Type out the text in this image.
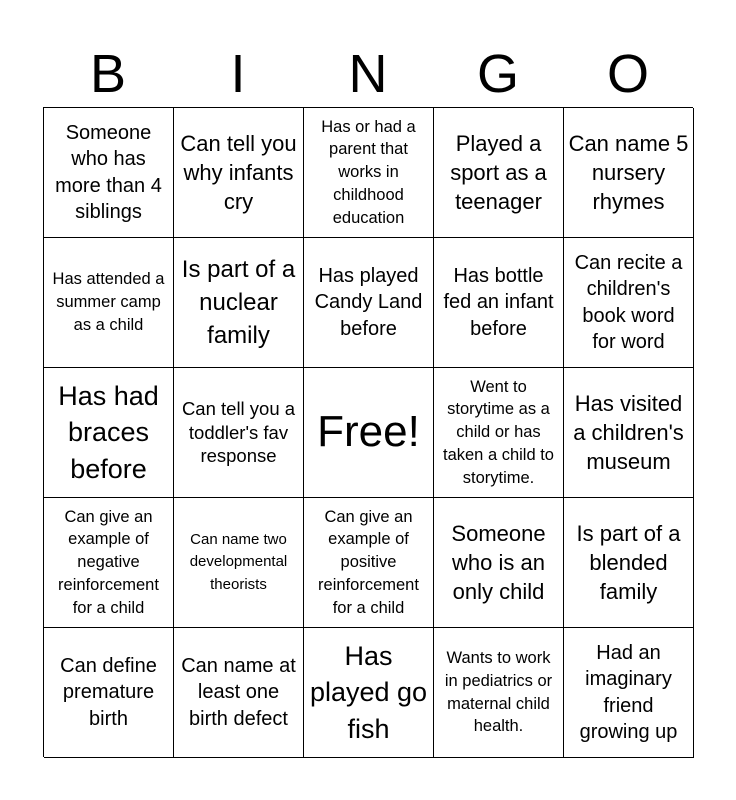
B	I	N	G	O
Someone who has more than 4 siblings
Can tell you why infants cry
Has or had a parent that works in childhood education
Played a sport as a teenager
Can name 5 nursery rhymes
Has attended a summer camp as a child
Is part of a nuclear family
Has played Candy Land before
Has bottle fed an infant before
Can recite a children's book word for word
Has had braces before
Can tell you a toddler's fav response Free!
Went to storytime as a child or has taken a child to storytime.
Has visited a children's museum
Can give an example of negative reinforcement for a child
Can name two developmental theorists
Can give an example of positive reinforcement for a child
Someone who is an only child
Is part of a blended family
Can define premature birth
Can name at least one birth defect
Has played go fish
Wants to work in pediatrics or maternal child health.
Had an imaginary friend growing up
